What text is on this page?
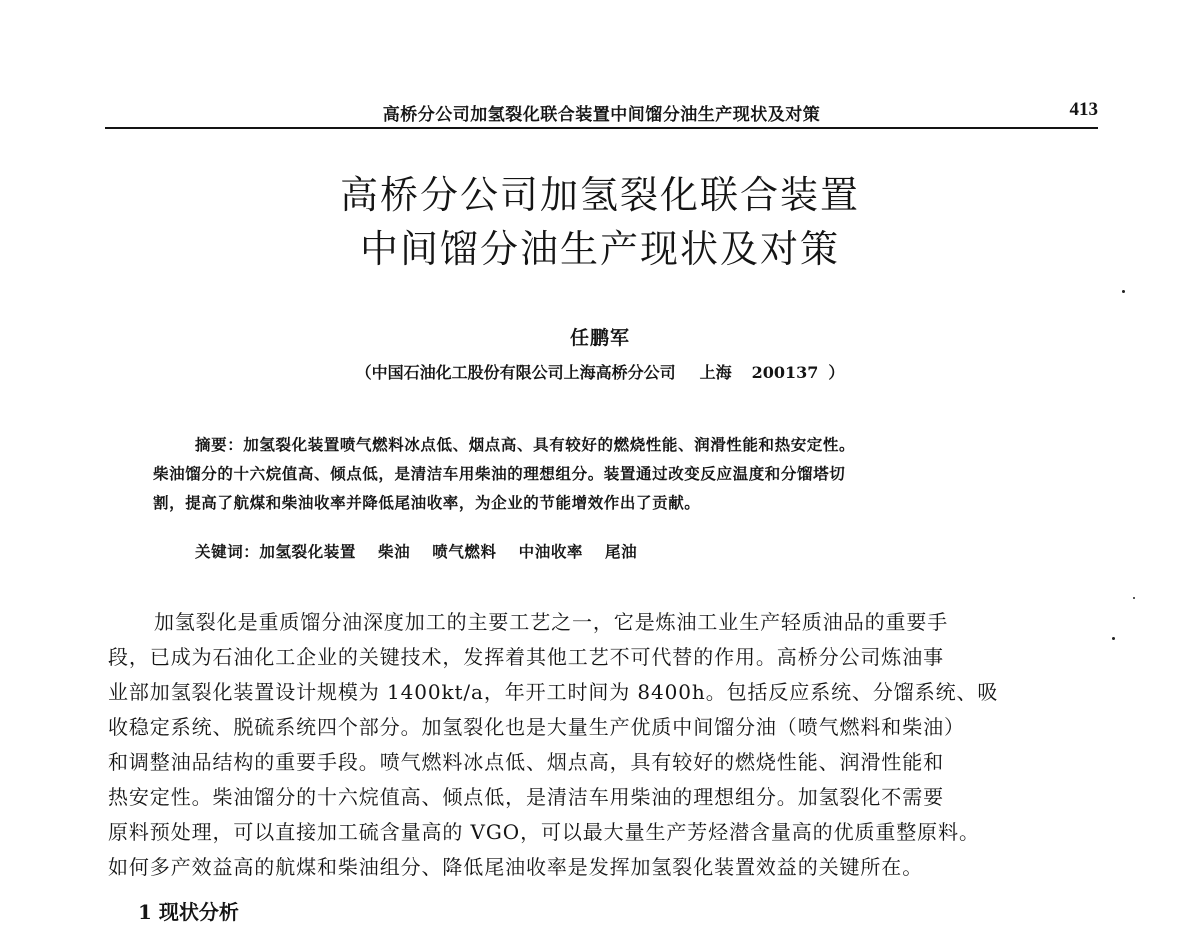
高桥分公司加氢裂化联合装置中间馏分油生产现状及对策	413
高桥分公司加氢裂化联合装置
中间馏分油生产现状及对策
任鹏军
（中国石油化工股份有限公司上海高桥分公司 上海 200137 ）

摘要：加氢裂化装置喷气燃料冰点低、烟点高、具有较好的燃烧性能、润滑性能和热安定性。

柴油馏分的十六烷值高、倾点低，是清洁车用柴油的理想组分。装置通过改变反应温度和分馏塔切

割，提高了航煤和柴油收率并降低尾油收率，为企业的节能增效作出了贡献。

关键词：加氢裂化装置 柴油 喷气燃料 中油收率 尾油

加氢裂化是重质馏分油深度加工的主要工艺之一，它是炼油工业生产轻质油品的重要手

段，已成为石油化工企业的关键技术，发挥着其他工艺不可代替的作用。高桥分公司炼油事

业部加氢裂化装置设计规模为 1400kt/a，年开工时间为 8400h。包括反应系统、分馏系统、吸

收稳定系统、脱硫系统四个部分。加氢裂化也是大量生产优质中间馏分油（喷气燃料和柴油）

和调整油品结构的重要手段。喷气燃料冰点低、烟点高，具有较好的燃烧性能、润滑性能和

热安定性。柴油馏分的十六烷值高、倾点低，是清洁车用柴油的理想组分。加氢裂化不需要

原料预处理，可以直接加工硫含量高的 VGO，可以最大量生产芳烃潜含量高的优质重整原料。

如何多产效益高的航煤和柴油组分、降低尾油收率是发挥加氢裂化装置效益的关键所在。

1 现状分析
